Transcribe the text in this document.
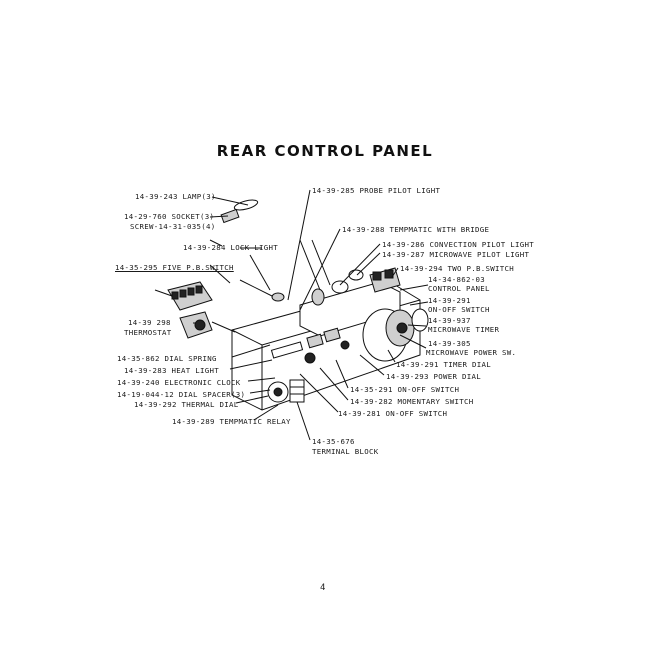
REAR CONTROL PANEL
14-39-243 LAMP(3)
14-29-760 SOCKET(3)
SCREW-14-31-035(4)
14-39-284 LOCK LIGHT
14-35-295 FIVE P.B.SWITCH
14-39 298
THERMOSTAT
14-35-862 DIAL SPRING
14-39-283 HEAT LIGHT
14-39-240 ELECTRONIC CLOCK
14-19-044-12 DIAL SPACER(3)
14-39-292 THERMAL DIAL
14-39-289 TEMPMATIC RELAY
14-39-285 PROBE PILOT LIGHT
14-39-288 TEMPMATIC WITH BRIDGE
14-39-286 CONVECTION PILOT LIGHT
14-39-287 MICROWAVE PILOT LIGHT
14-39-294 TWO P.B.SWITCH
14-34-862-03
CONTROL PANEL
14-39-291
ON-OFF SWITCH
14-39-937
MICROWAVE TIMER
14-39-305
MICROWAVE POWER SW.
14-39-291 TIMER DIAL
14-39-293 POWER DIAL
14-35-291 ON-OFF SWITCH
14-39-282 MOMENTARY SWITCH
14-39-281 ON-OFF SWITCH
14-35-676
TERMINAL BLOCK
4
